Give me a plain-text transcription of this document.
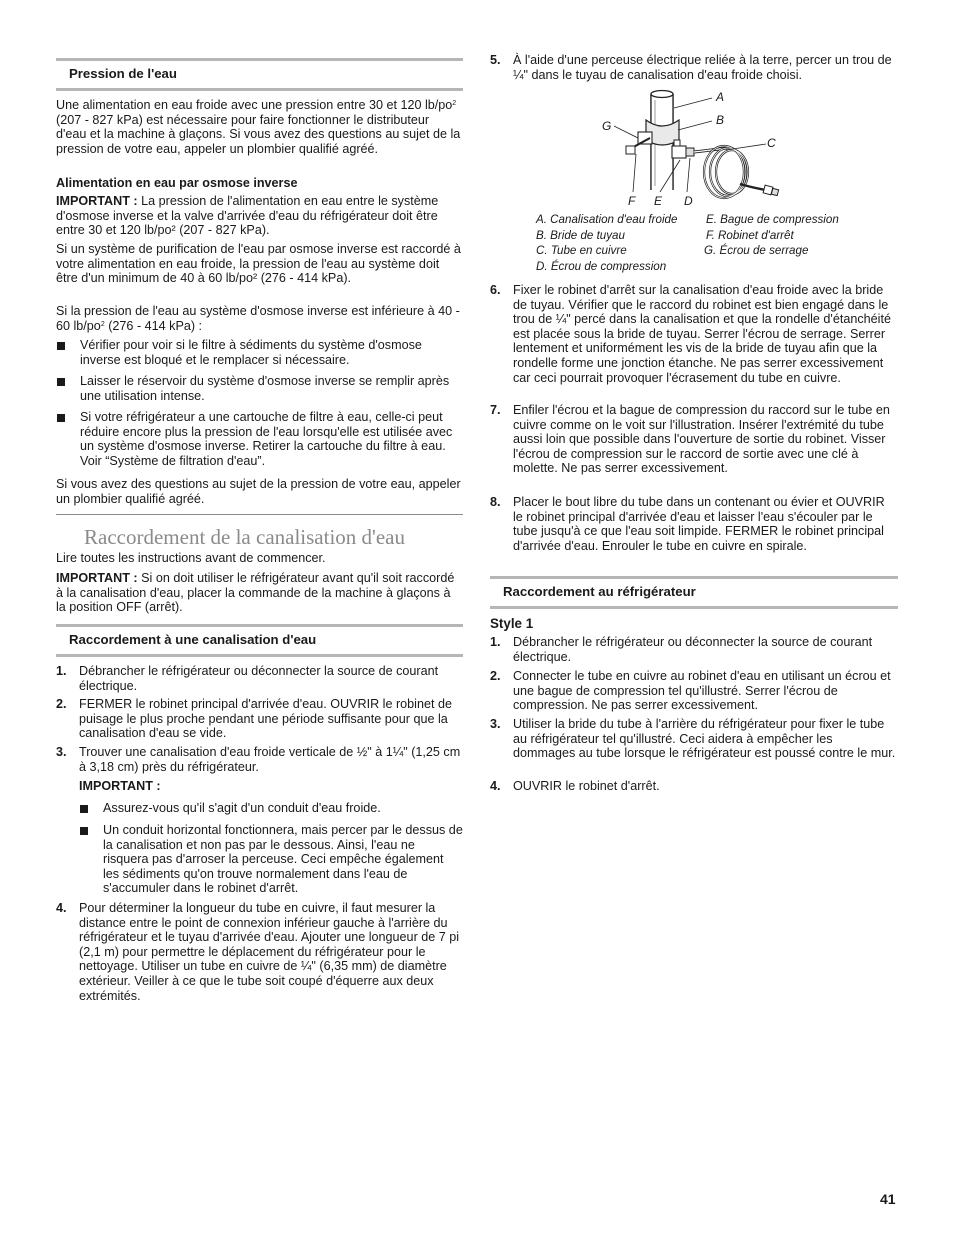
Pression de l'eau

Une alimentation en eau froide avec une pression entre 30 et 120 $lb/po^2$ (207 - 827 kPa) est nécessaire pour faire fonctionner le distributeur d'eau et la machine à glaçons. Si vous avez des questions au sujet de la pression de votre eau, appeler un plombier qualifié agréé.

Alimentation en eau par osmose inverse

IMPORTANT : La pression de l'alimentation en eau entre le système d'osmose inverse et la valve d'arrivée d'eau du réfrigérateur doit être entre 30 et 120 lb/po² (207 - 827 kPa).

Si un système de purification de l'eau par osmose inverse est raccordé à votre alimentation en eau froide, la pression de l'eau au système doit être d'un minimum de 40 à 60 lb/po² (276 - 414 kPa).

Si la pression de l'eau au système d'osmose inverse est inférieure à 40 - 60 $lb/po^2$ (276 - 414 kPa) :

Vérifier pour voir si le filtre à sédiments du système d'osmose inverse est bloqué et le remplacer si nécessaire.

Laisser le réservoir du système d'osmose inverse se remplir après une utilisation intense.

Si votre réfrigérateur a une cartouche de filtre à eau, celle-ci peut réduire encore plus la pression de l'eau lorsqu'elle est utilisée avec un système d'osmose inverse. Retirer la cartouche du filtre à eau. Voir “Système de filtration d'eau”.

Si vous avez des questions au sujet de la pression de votre eau, appeler un plombier qualifié agréé.

Raccordement de la canalisation d'eau

Lire toutes les instructions avant de commencer.

IMPORTANT : Si on doit utiliser le réfrigérateur avant qu'il soit raccordé à la canalisation d'eau, placer la commande de la machine à glaçons à la position OFF (arrêt).

Raccordement à une canalisation d'eau
1. Débrancher le réfrigérateur ou déconnecter la source de courant électrique.

2. FERMER le robinet principal d'arrivée d'eau. OUVRIR le robinet de puisage le plus proche pendant une période suffisante pour que la canalisation d'eau se vide.

3. Trouver une canalisation d'eau froide verticale de ½" à 1¼" (1,25 cm à 3,18 cm) près du réfrigérateur.

IMPORTANT :

Assurez-vous qu'il s'agit d'un conduit d'eau froide.

Un conduit horizontal fonctionnera, mais percer par le dessus de la canalisation et non pas par le dessous. Ainsi, l'eau ne risquera pas d'arroser la perceuse. Ceci empêche également les sédiments qu'on trouve normalement dans l'eau de s'accumuler dans le robinet d'arrêt.

4. Pour déterminer la longueur du tube en cuivre, il faut mesurer la distance entre le point de connexion inférieur gauche à l'arrière du réfrigérateur et le tuyau d'arrivée d'eau. Ajouter une longueur de 7 pi (2,1 m) pour permettre le déplacement du réfrigérateur pour le nettoyage. Utiliser un tube en cuivre de ¼" (6,35 mm) de diamètre extérieur. Veiller à ce que le tube soit coupé d'équerre aux deux extrémités.

5. À l'aide d'une perceuse électrique reliée à la terre, percer un trou de ¼" dans le tuyau de canalisation d'eau froide choisi.

A
B
C
D
E
F
G
A. Canalisation d'eau froide E. Bague de compression
B. Bride de tuyau	F. Robinet d'arrêt
C. Tube en cuivre	G. Écrou de serrage
D. Écrou de compression
6. Fixer le robinet d'arrêt sur la canalisation d'eau froide avec la bride de tuyau. Vérifier que le raccord du robinet est bien engagé dans le trou de ¼" percé dans la canalisation et que la rondelle d'étanchéité est placée sous la bride de tuyau. Serrer l'écrou de serrage. Serrer lentement et uniformément les vis de la bride de tuyau afin que la rondelle forme une jonction étanche. Ne pas serrer excessivement car ceci pourrait provoquer l'écrasement du tube en cuivre.

7. Enfiler l'écrou et la bague de compression du raccord sur le tube en cuivre comme on le voit sur l'illustration. Insérer l'extrémité du tube aussi loin que possible dans l'ouverture de sortie du robinet. Visser l'écrou de compression sur le raccord de sortie avec une clé à molette. Ne pas serrer excessivement.

8. Placer le bout libre du tube dans un contenant ou évier et OUVRIR le robinet principal d'arrivée d'eau et laisser l'eau s'écouler par le tube jusqu'à ce que l'eau soit limpide. FERMER le robinet principal d'arrivée d'eau. Enrouler le tube en cuivre en spirale.

Raccordement au réfrigérateur

Style 1

1. Débrancher le réfrigérateur ou déconnecter la source de courant électrique.

2. Connecter le tube en cuivre au robinet d'eau en utilisant un écrou et une bague de compression tel qu'illustré. Serrer l'écrou de compression. Ne pas serrer excessivement.

3. Utiliser la bride du tube à l'arrière du réfrigérateur pour fixer le tube au réfrigérateur tel qu'illustré. Ceci aidera à empêcher les dommages au tube lorsque le réfrigérateur est poussé contre le mur.

4. OUVRIR le robinet d'arrêt.

41
